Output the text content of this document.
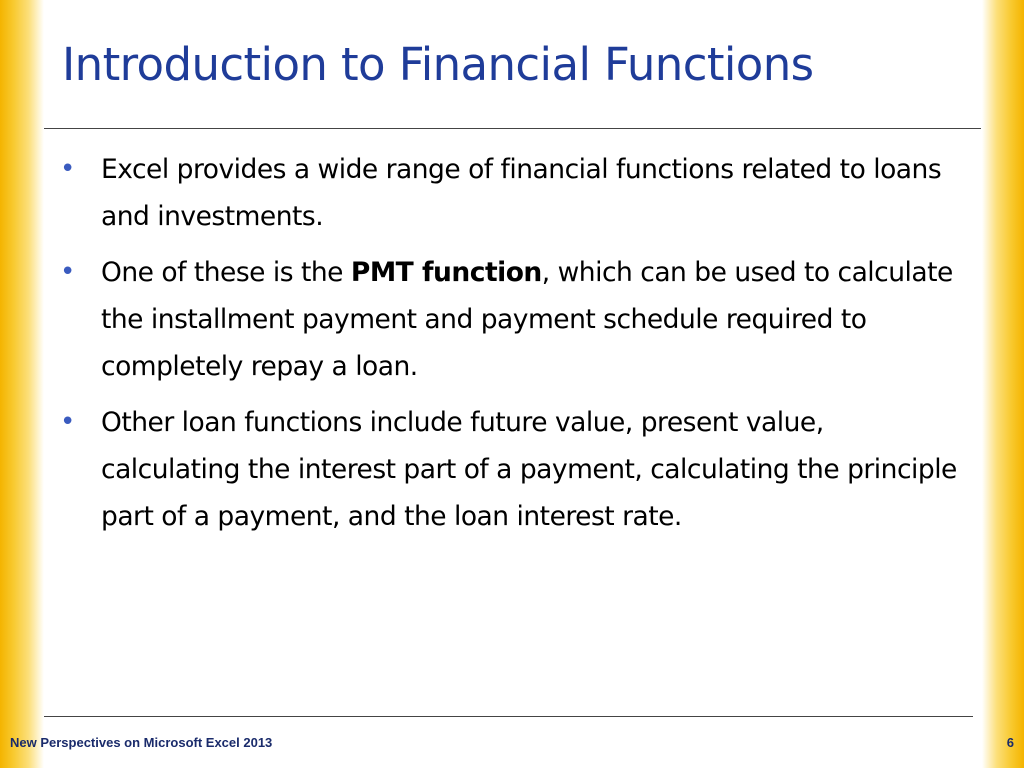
Introduction to Financial Functions
• Excel provides a wide range of financial functions related to loans and investments.
• One of these is the PMT function, which can be used to calculate the installment payment and payment schedule required to completely repay a loan.
• Other loan functions include future value, present value, calculating the interest part of a payment, calculating the principle part of a payment, and the loan interest rate.
New Perspectives on Microsoft Excel 2013	6
